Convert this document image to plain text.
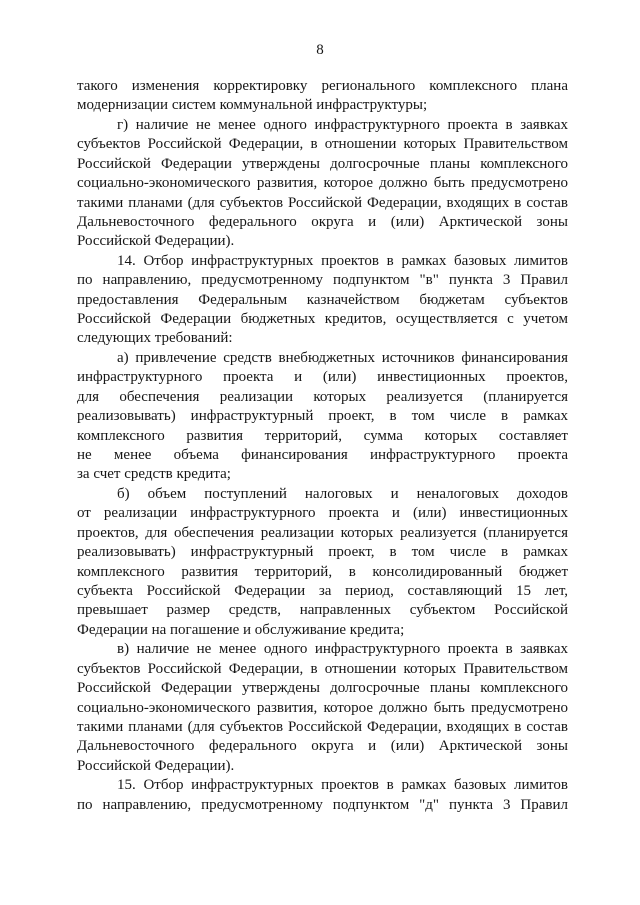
8
такого изменения корректировку регионального комплексного плана
модернизации систем коммунальной инфраструктуры;
г) наличие не менее одного инфраструктурного проекта в заявках
субъектов Российской Федерации, в отношении которых Правительством
Российской Федерации утверждены долгосрочные планы комплексного
социально-экономического развития, которое должно быть предусмотрено
такими планами (для субъектов Российской Федерации, входящих в состав
Дальневосточного федерального округа и (или) Арктической зоны
Российской Федерации).
14. Отбор инфраструктурных проектов в рамках базовых лимитов
по направлению, предусмотренному подпунктом "в" пункта 3 Правил
предоставления Федеральным казначейством бюджетам субъектов
Российской Федерации бюджетных кредитов, осуществляется с учетом
следующих требований:
а) привлечение средств внебюджетных источников финансирования
инфраструктурного проекта и (или) инвестиционных проектов,
для обеспечения реализации которых реализуется (планируется
реализовывать) инфраструктурный проект, в том числе в рамках
комплексного развития территорий, сумма которых составляет
не менее объема финансирования инфраструктурного проекта
за счет средств кредита;
б) объем поступлений налоговых и неналоговых доходов
от реализации инфраструктурного проекта и (или) инвестиционных
проектов, для обеспечения реализации которых реализуется (планируется
реализовывать) инфраструктурный проект, в том числе в рамках
комплексного развития территорий, в консолидированный бюджет
субъекта Российской Федерации за период, составляющий 15 лет,
превышает размер средств, направленных субъектом Российской
Федерации на погашение и обслуживание кредита;
в) наличие не менее одного инфраструктурного проекта в заявках
субъектов Российской Федерации, в отношении которых Правительством
Российской Федерации утверждены долгосрочные планы комплексного
социально-экономического развития, которое должно быть предусмотрено
такими планами (для субъектов Российской Федерации, входящих в состав
Дальневосточного федерального округа и (или) Арктической зоны
Российской Федерации).
15. Отбор инфраструктурных проектов в рамках базовых лимитов
по направлению, предусмотренному подпунктом "д" пункта 3 Правил
